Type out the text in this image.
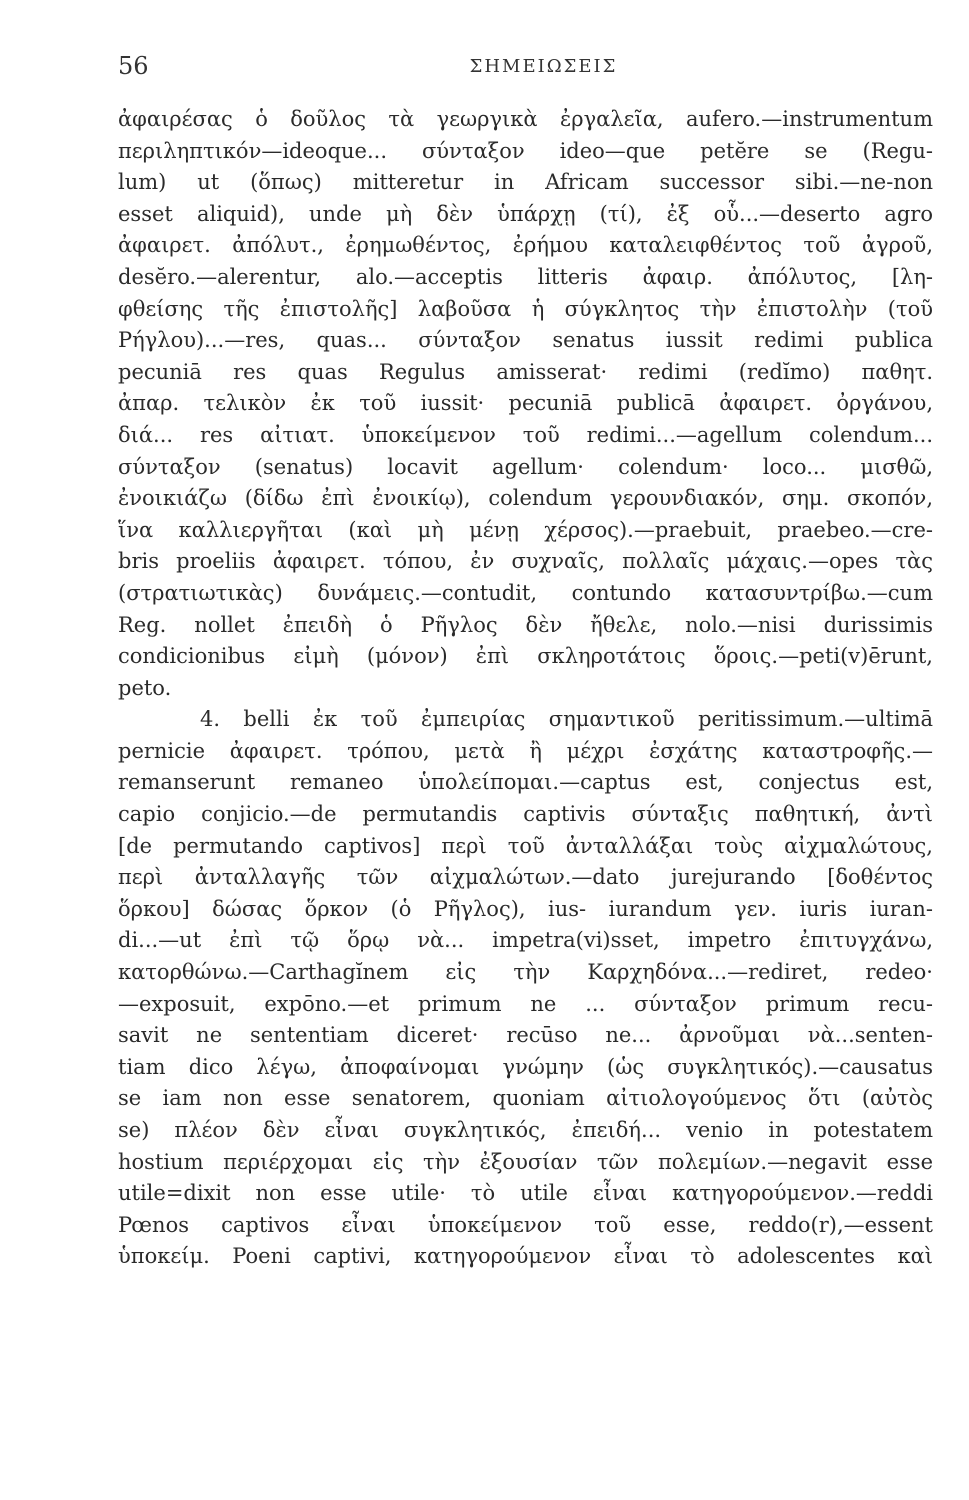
56	ΣΗΜΕΙΩΣΕΙΣ
ἀφαιρέσας ὁ δοῦλος τὰ γεωργικὰ ἐργαλεῖα, aufero.—instrumentum
περιληπτικόν—ideoque... σύνταξον ideo—que petĕre se (Regu-
lum) ut (ὅπως) mitteretur in Africam successor sibi.—ne-non
esset aliquid), unde μὴ δὲν ὑπάρχῃ (τί), ἐξ οὗ...—deserto agro
ἀφαιρετ. ἀπόλυτ., ἐρημωθέντος, ἐρήμου καταλειφθέντος τοῦ ἀγροῦ,
desĕro.—alerentur, alo.—acceptis litteris ἀφαιρ. ἀπόλυτος, [λη-
φθείσης τῆς ἐπιστολῆς] λαβοῦσα ἡ σύγκλητος τὴν ἐπιστολὴν (τοῦ
Ρήγλου)...—res, quas... σύνταξον senatus iussit redimi publica
pecuniā res quas Regulus amisserat· redimi (redĭmo) παθητ.
ἀπαρ. τελικὸν ἐκ τοῦ iussit· pecuniā publicā ἀφαιρετ. ὀργάνου,
διά... res αἰτιατ. ὑποκείμενον τοῦ redimi...—agellum colendum...
σύνταξον (senatus) locavit agellum· colendum· loco... μισθῶ,
ἐνοικιάζω (δίδω ἐπὶ ἐνοικίῳ), colendum γερουνδιακόν, σημ. σκοπόν,
ἵνα καλλιεργῆται (καὶ μὴ μένῃ χέρσος).—praebuit, praebeo.—cre-
bris proeliis ἀφαιρετ. τόπου, ἐν συχναῖς, πολλαῖς μάχαις.—opes τὰς
(στρατιωτικὰς) δυνάμεις.—contudit, contundo κατασυντρίβω.—cum
Reg. nollet ἐπειδὴ ὁ Ρῆγλος δὲν ἤθελε, nolo.—nisi durissimis
condicionibus εἰμὴ (μόνον) ἐπὶ σκληροτάτοις ὅροις.—peti(v)ērunt,
peto.
4. belli ἐκ τοῦ ἐμπειρίας σημαντικοῦ peritissimum.—ultimā
pernicie ἀφαιρετ. τρόπου, μετὰ ἢ μέχρι ἐσχάτης καταστροφῆς.—
remanserunt remaneo ὑπολείπομαι.—captus est, conjectus est,
capio conjicio.—de permutandis captivis σύνταξις παθητική, ἀντὶ
[de permutando captivos] περὶ τοῦ ἀνταλλάξαι τοὺς αἰχμαλώτους,
περὶ ἀνταλλαγῆς τῶν αἰχμαλώτων.—dato jurejurando [δοθέντος
ὅρκου] δώσας ὅρκον (ὁ Ρῆγλος), ius- iurandum γεν. iuris iuran-
di...—ut ἐπὶ τῷ ὅρῳ νὰ... impetra(vi)sset, impetro ἐπιτυγχάνω,
κατορθώνω.—Carthagĭnem εἰς τὴν Καρχηδόνα...—rediret, redeo·
—exposuit, expōno.—et primum ne ... σύνταξον primum recu-
savit ne sententiam diceret· recūso ne... ἀρνοῦμαι νὰ...senten-
tiam dico λέγω, ἀποφαίνομαι γνώμην (ὡς συγκλητικός).—causatus
se iam non esse senatorem, quoniam αἰτιολογούμενος ὅτι (αὐτὸς
se) πλέον δὲν εἶναι συγκλητικός, ἐπειδή... venio in potestatem
hostium περιέρχομαι εἰς τὴν ἐξουσίαν τῶν πολεμίων.—negavit esse
utile=dixit non esse utile· τὸ utile εἶναι κατηγορούμενον.—reddi
Pœnos captivos εἶναι ὑποκείμενον τοῦ esse, reddo(r),—essent
ὑποκείμ. Poeni captivi, κατηγορούμενον εἶναι τὸ adolescentes καὶ
